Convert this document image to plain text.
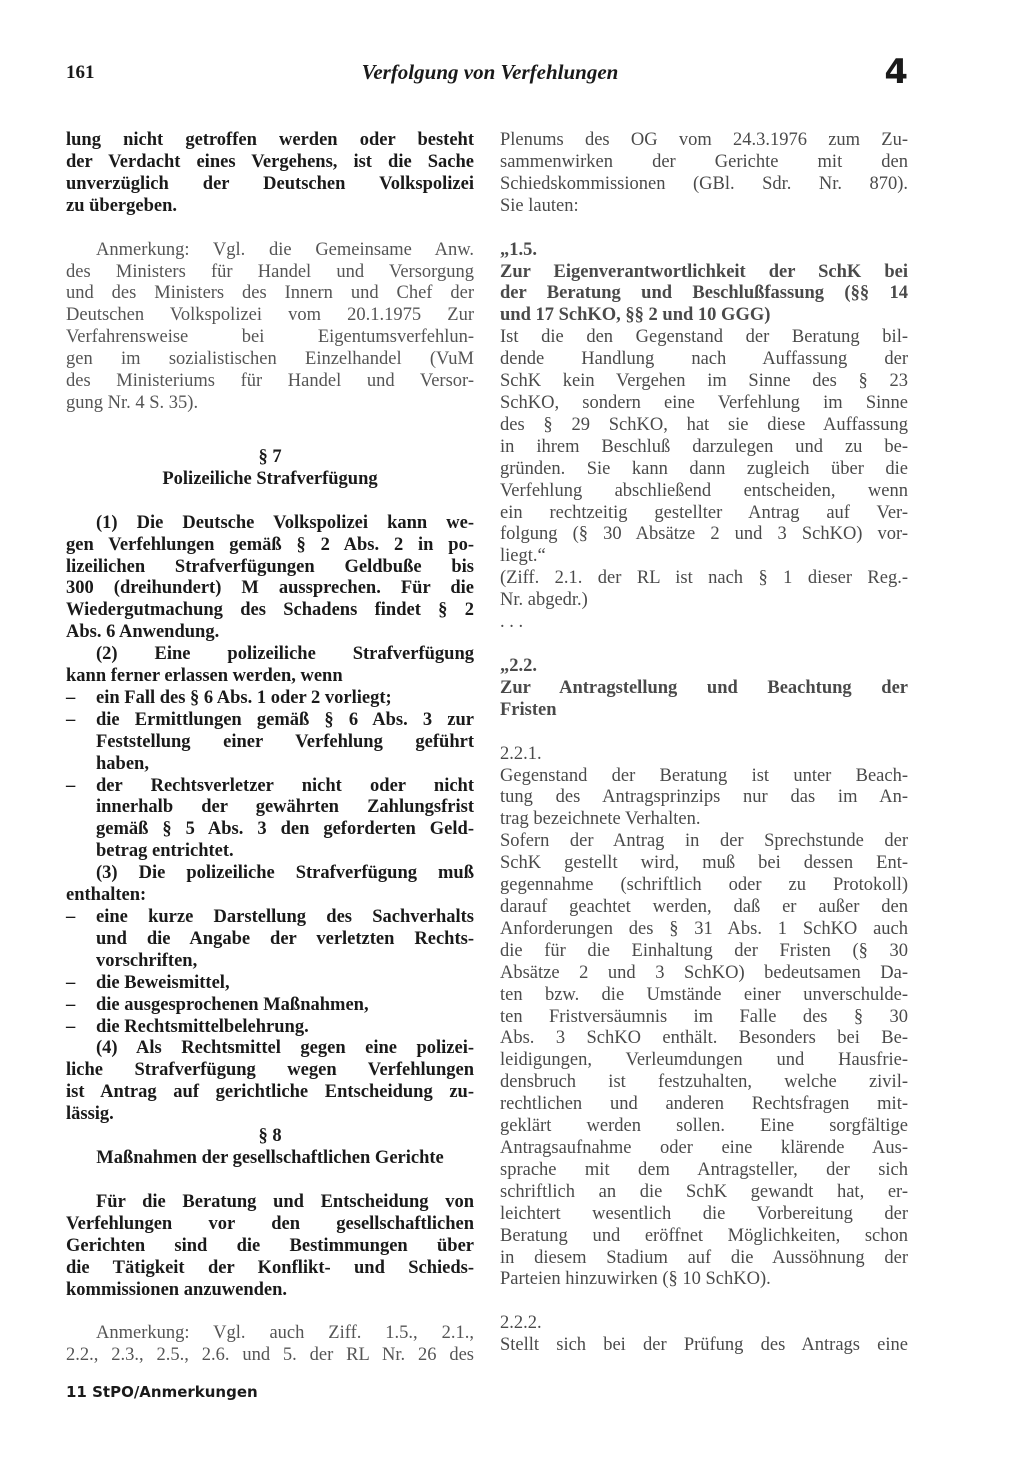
161	Verfolgung von Verfehlungen	4

lung nicht getroffen werden oder besteht

der Verdacht eines Vergehens, ist die Sache

unverzüglich der Deutschen Volkspolizei

zu übergeben.

Anmerkung: Vgl. die Gemeinsame Anw.

des Ministers für Handel und Versorgung

und des Ministers des Innern und Chef der

Deutschen Volkspolizei vom 20.1.1975 Zur

Verfahrensweise bei Eigentumsverfehlun-

gen im sozialistischen Einzelhandel (VuM

des Ministeriums für Handel und Versor-

gung Nr. 4 S. 35).

§ 7

Polizeiliche Strafverfügung

(1) Die Deutsche Volkspolizei kann we-

gen Verfehlungen gemäß § 2 Abs. 2 in po-

lizeilichen Strafverfügungen Geldbuße bis

300 (dreihundert) M aussprechen. Für die

Wiedergutmachung des Schadens findet § 2

Abs. 6 Anwendung.

(2) Eine polizeiliche Strafverfügung

kann ferner erlassen werden, wenn

–	ein Fall des § 6 Abs. 1 oder 2 vorliegt;

–	die Ermittlungen gemäß § 6 Abs. 3 zur

Feststellung einer Verfehlung geführt

haben,

–	der Rechtsverletzer nicht oder nicht

innerhalb der gewährten Zahlungsfrist

gemäß § 5 Abs. 3 den geforderten Geld-

betrag entrichtet.

(3) Die polizeiliche Strafverfügung muß

enthalten:

–	eine kurze Darstellung des Sachverhalts

und die Angabe der verletzten Rechts-

vorschriften,

–	die Beweismittel,

–	die ausgesprochenen Maßnahmen,

–	die Rechtsmittelbelehrung.

(4) Als Rechtsmittel gegen eine polizei-

liche Strafverfügung wegen Verfehlungen

ist Antrag auf gerichtliche Entscheidung zu-

lässig.

§ 8

Maßnahmen der gesellschaftlichen Gerichte

Für die Beratung und Entscheidung von

Verfehlungen vor den gesellschaftlichen

Gerichten sind die Bestimmungen über

die Tätigkeit der Konflikt- und Schieds-

kommissionen anzuwenden.

Anmerkung: Vgl. auch Ziff. 1.5., 2.1.,

2.2., 2.3., 2.5., 2.6. und 5. der RL Nr. 26 des

Plenums des OG vom 24.3.1976 zum Zu-

sammenwirken der Gerichte mit den

Schiedskommissionen (GBl. Sdr. Nr. 870).

Sie lauten:

„1.5.

Zur Eigenverantwortlichkeit der SchK bei

der Beratung und Beschlußfassung (§§ 14

und 17 SchKO, §§ 2 und 10 GGG)

Ist die den Gegenstand der Beratung bil-

dende Handlung nach Auffassung der

SchK kein Vergehen im Sinne des § 23

SchKO, sondern eine Verfehlung im Sinne

des § 29 SchKO, hat sie diese Auffassung

in ihrem Beschluß darzulegen und zu be-

gründen. Sie kann dann zugleich über die

Verfehlung abschließend entscheiden, wenn

ein rechtzeitig gestellter Antrag auf Ver-

folgung (§ 30 Absätze 2 und 3 SchKO) vor-

liegt.“

(Ziff. 2.1. der RL ist nach § 1 dieser Reg.-

Nr. abgedr.)

. . .

„2.2.

Zur Antragstellung und Beachtung der

Fristen

2.2.1.

Gegenstand der Beratung ist unter Beach-

tung des Antragsprinzips nur das im An-

trag bezeichnete Verhalten.

Sofern der Antrag in der Sprechstunde der

SchK gestellt wird, muß bei dessen Ent-

gegennahme (schriftlich oder zu Protokoll)

darauf geachtet werden, daß er außer den

Anforderungen des § 31 Abs. 1 SchKO auch

die für die Einhaltung der Fristen (§ 30

Absätze 2 und 3 SchKO) bedeutsamen Da-

ten bzw. die Umstände einer unverschulde-

ten Fristversäumnis im Falle des § 30

Abs. 3 SchKO enthält. Besonders bei Be-

leidigungen, Verleumdungen und Hausfrie-

densbruch ist festzuhalten, welche zivil-

rechtlichen und anderen Rechtsfragen mit-

geklärt werden sollen. Eine sorgfältige

Antragsaufnahme oder eine klärende Aus-

sprache mit dem Antragsteller, der sich

schriftlich an die SchK gewandt hat, er-

leichtert wesentlich die Vorbereitung der

Beratung und eröffnet Möglichkeiten, schon

in diesem Stadium auf die Aussöhnung der

Parteien hinzuwirken (§ 10 SchKO).

2.2.2.

Stellt sich bei der Prüfung des Antrags eine

11 StPO/Anmerkungen
